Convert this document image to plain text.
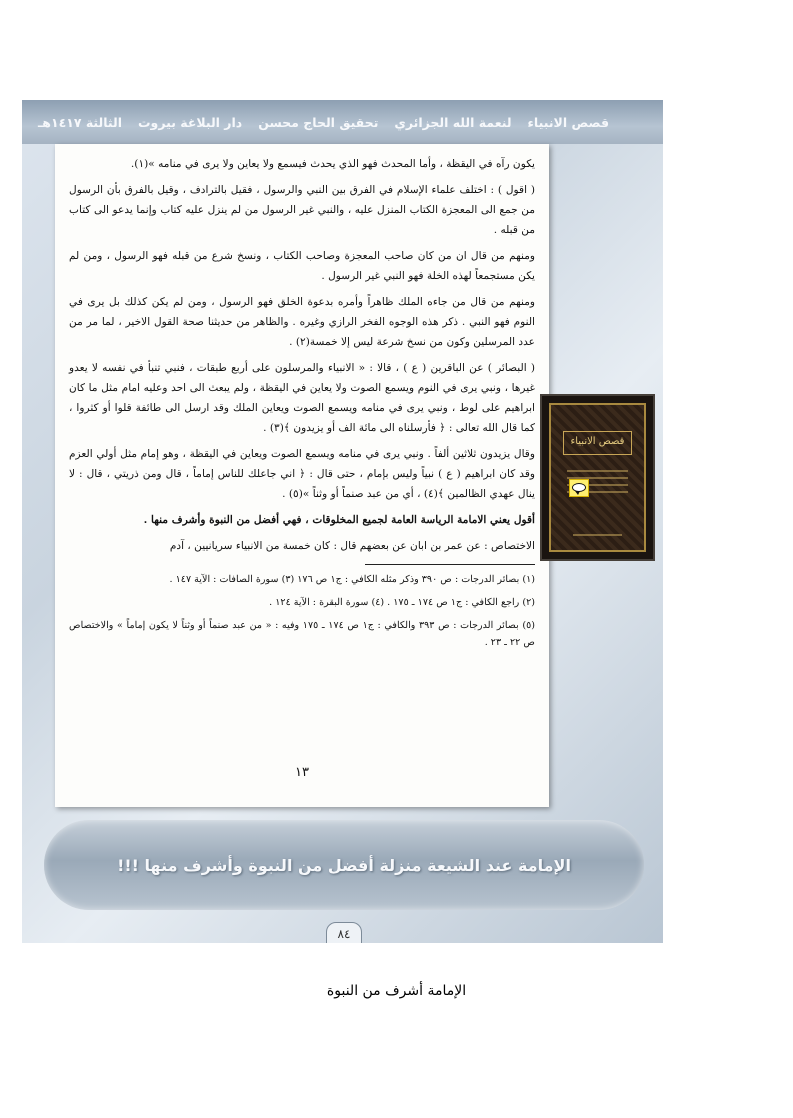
قصص الانبياء
لنعمة الله الجزائري
تحقيق الحاج محسن
دار البلاغة بيروت
الثالثة ١٤١٧هـ

يكون رآه في اليقظة ، وأما المحدث فهو الذي يحدث فيسمع ولا يعاين ولا يرى في منامه »(١).

( اقول ) : اختلف علماء الإسلام في الفرق بين النبي والرسول ، فقيل بالترادف ، وقيل بالفرق بأن الرسول من جمع الى المعجزة الكتاب المنزل عليه ، والنبي غير الرسول من لم ينزل عليه كتاب وإنما يدعو الى كتاب من قبله .

ومنهم من قال ان من كان صاحب المعجزة وصاحب الكتاب ، ونسخ شرع من قبله فهو الرسول ، ومن لم يكن مستجمعاً لهذه الخلة فهو النبي غير الرسول .

ومنهم من قال من جاءه الملك ظاهراً وأمره بدعوة الخلق فهو الرسول ، ومن لم يكن كذلك بل يرى في النوم فهو النبي . ذكر هذه الوجوه الفخر الرازي وغيره . والظاهر من حديثنا صحة القول الاخير ، لما مر من عدد المرسلين وكون من نسخ شرعة ليس إلا خمسة(٢) .

( البصائر ) عن الباقرين ( ع ) ، قالا : « الانبياء والمرسلون على أربع طبقات ، فنبي تنبأ في نفسه لا يعدو غيرها ، ونبي يرى في النوم ويسمع الصوت ولا يعاين في اليقظة ، ولم يبعث الى احد وعليه امام مثل ما كان ابراهيم على لوط ، ونبي يرى في منامه ويسمع الصوت ويعاين الملك وقد ارسل الى طائفة قلوا أو كثروا ، كما قال الله تعالى : ﴿ فأرسلناه الى مائة الف أو يزيدون ﴾(٣) .

وقال يزيدون ثلاثين ألفاً . ونبي يرى في منامه ويسمع الصوت ويعاين في اليقظة ، وهو إمام مثل أولي العزم وقد كان ابراهيم ( ع ) نبياً وليس بإمام ، حتى قال : ﴿ اني جاعلك للناس إماماً ، قال ومن ذريتي ، قال : لا ينال عهدي الظالمين ﴾(٤) ، أي من عبد صنماً أو وثناً »(٥) .

أقول يعني الامامة الرياسة العامة لجميع المخلوقات ، فهي أفضل من النبوة وأشرف منها .

الاختصاص : عن عمر بن ابان عن بعضهم قال : كان خمسة من الانبياء سريانيين ، آدم

(١) بصائر الدرجات : ص ٣٩٠ وذكر مثله الكافي : ج١ ص ١٧٦ (٣) سورة الصافات : الآية ١٤٧ .

(٢) راجع الكافي : ج١ ص ١٧٤ ـ ١٧٥ . (٤) سورة البقرة : الآية ١٢٤ .

(٥) بصائر الدرجات : ص ٣٩٣ والكافي : ج١ ص ١٧٤ ـ ١٧٥ وفيه : « من عبد صنماً أو وثناً لا يكون إماماً » والاختصاص ص ٢٢ ـ ٢٣ .

١٣
قصص الانبياء
الإمامة عند الشيعة منزلة أفضل من النبوة وأشرف منها !!!
٨٤
الإمامة أشرف من النبوة
